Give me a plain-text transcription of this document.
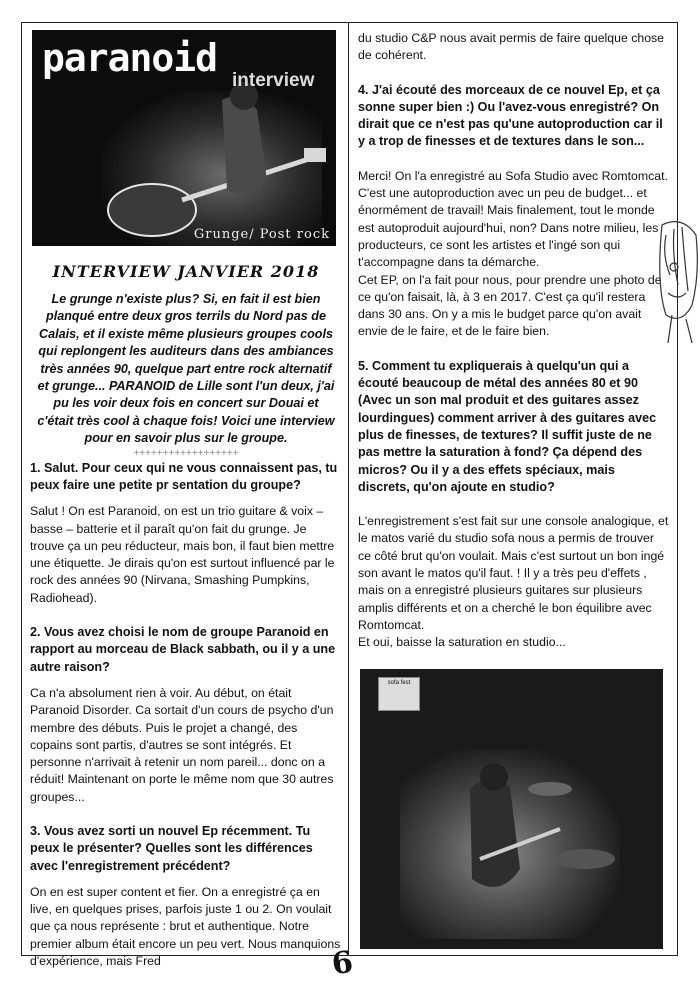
paranoid
interview
Grunge/ Post rock
INTERVIEW JANVIER 2018

Le grunge n'existe plus? Si, en fait il est bien planqué entre deux gros terrils du Nord pas de Calais, et il existe même plusieurs groupes cools qui replongent les auditeurs dans des ambiances très années 90, quelque part entre rock alternatif et grunge... PARANOID de Lille sont l'un deux, j'ai pu les voir deux fois en concert sur Douai et c'était très cool à chaque fois! Voici une interview pour en savoir plus sur le groupe.

++++++++++++++++++

1. Salut. Pour ceux qui ne vous connaissent pas, tu peux faire une petite pr sentation du groupe?

Salut ! On est Paranoid, on est un trio guitare & voix – basse – batterie et il paraît qu'on fait du grunge. Je trouve ça un peu réducteur, mais bon, il faut bien mettre une étiquette. Je dirais qu'on est surtout influencé par le rock des années 90 (Nirvana, Smashing Pumpkins, Radiohead).

2. Vous avez choisi le nom de groupe Paranoid en rapport au morceau de Black sabbath, ou il y a une autre raison?

Ca n'a absolument rien à voir. Au début, on était Paranoid Disorder. Ca sortait d'un cours de psycho d'un membre des débuts. Puis le projet a changé, des copains sont partis, d'autres se sont intégrés. Et personne n'arrivait à retenir un nom pareil... donc on a réduit! Maintenant on porte le même nom que 30 autres groupes...

3. Vous avez sorti un nouvel Ep récemment. Tu peux le présenter? Quelles sont les différences avec l'enregistrement précédent?

On en est super content et fier. On a enregistré ça en live, en quelques prises, parfois juste 1 ou 2. On voulait que ça nous représente : brut et authentique. Notre premier album était encore un peu vert. Nous manquions d'expérience, mais Fred

du studio C&P nous avait permis de faire quelque chose de cohérent.

4. J'ai écouté des morceaux de ce nouvel Ep, et ça sonne super bien :) Ou l'avez-vous enregistré? On dirait que ce n'est pas qu'une autoproduction car il y a trop de finesses et de textures dans le son...

Merci! On l'a enregistré au Sofa Studio avec Romtomcat. C'est une autoproduction avec un peu de budget... et énormément de travail! Mais finalement, tout le monde est autoproduit aujourd'hui, non? Dans notre milieu, les producteurs, ce sont les artistes et l'ingé son qui t'accompagne dans ta démarche.

Cet EP, on l'a fait pour nous, pour prendre une photo de ce qu'on faisait, là, à 3 en 2017. C'est ça qu'il restera dans 30 ans. On y a mis le budget parce qu'on avait envie de le faire, et de le faire bien.

5. Comment tu expliquerais à quelqu'un qui a écouté beaucoup de métal des années 80 et 90 (Avec un son mal produit et des guitares assez lourdingues) comment arriver à des guitares avec plus de finesses, de textures? Il suffit juste de ne pas mettre la saturation à fond? Ça dépend des micros? Ou il y a des effets spéciaux, mais discrets, qu'on ajoute en studio?

L'enregistrement s'est fait sur une console analogique, et le matos varié du studio sofa nous a permis de trouver ce côté brut qu'on voulait. Mais c'est surtout un bon ingé son avant le matos qu'il faut. ! Il y a très peu d'effets , mais on a enregistré plusieurs guitares sur plusieurs amplis différents et on a cherché le bon équilibre avec Romtomcat.

Et oui, baisse la saturation en studio...

sofa fest
6
